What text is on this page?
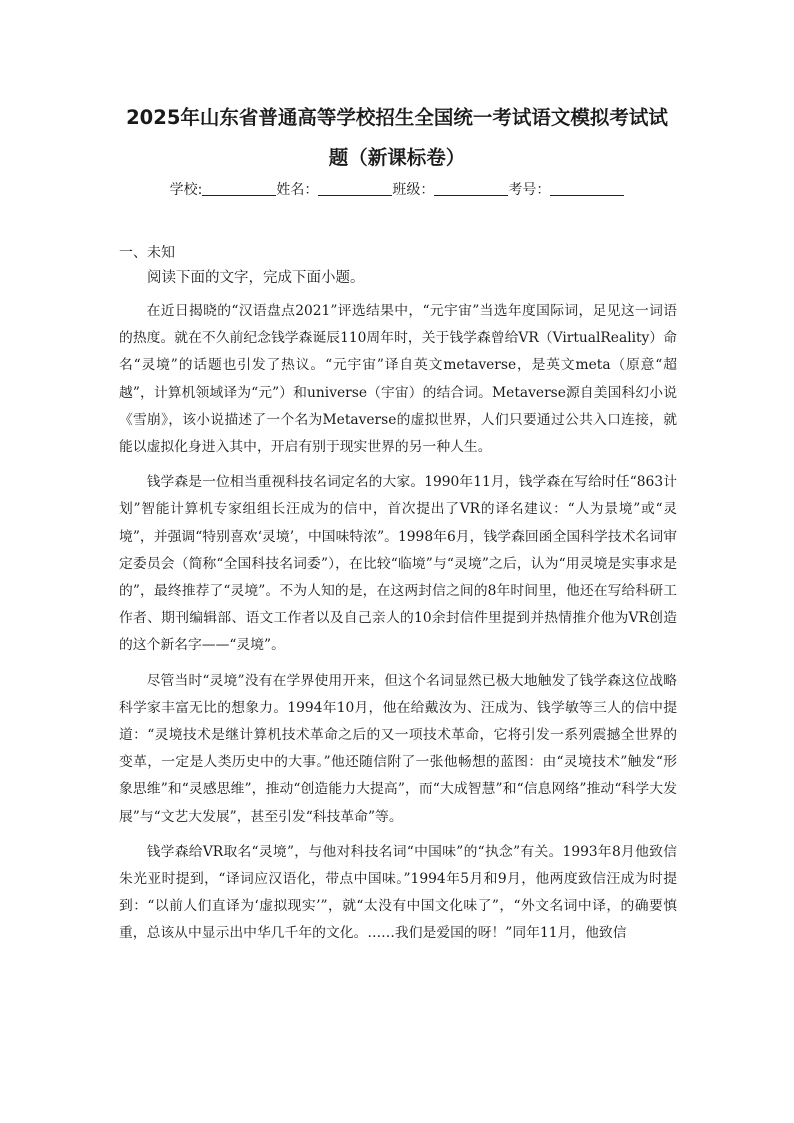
2025年山东省普通高等学校招生全国统一考试语文模拟考试试
题（新课标卷）
学校:	姓名：	班级：	考号：
一、未知
阅读下面的文字，完成下面小题。

在近日揭晓的“汉语盘点2021”评选结果中，“元宇宙”当选年度国际词，足见这一词语的热度。就在不久前纪念钱学森诞辰110周年时，关于钱学森曾给VR（VirtualReality）命名“灵境”的话题也引发了热议。“元宇宙”译自英文metaverse，是英文meta（原意“超越”，计算机领域译为“元”）和universe（宇宙）的结合词。Metaverse源自美国科幻小说《雪崩》，该小说描述了一个名为Metaverse的虚拟世界，人们只要通过公共入口连接，就能以虚拟化身进入其中，开启有别于现实世界的另一种人生。

钱学森是一位相当重视科技名词定名的大家。1990年11月，钱学森在写给时任“863计划”智能计算机专家组组长汪成为的信中，首次提出了VR的译名建议：“人为景境”或“灵境”，并强调“特别喜欢‘灵境’，中国味特浓”。1998年6月，钱学森回函全国科学技术名词审定委员会（简称“全国科技名词委”），在比较“临境”与“灵境”之后，认为“用灵境是实事求是的”，最终推荐了“灵境”。不为人知的是，在这两封信之间的8年时间里，他还在写给科研工作者、期刊编辑部、语文工作者以及自己亲人的10余封信件里提到并热情推介他为VR创造的这个新名字——“灵境”。

尽管当时“灵境”没有在学界使用开来，但这个名词显然已极大地触发了钱学森这位战略科学家丰富无比的想象力。1994年10月，他在给戴汝为、汪成为、钱学敏等三人的信中提道：“灵境技术是继计算机技术革命之后的又一项技术革命，它将引发一系列震撼全世界的变革，一定是人类历史中的大事。”他还随信附了一张他畅想的蓝图：由“灵境技术”触发“形象思维”和“灵感思维”，推动“创造能力大提高”，而“大成智慧”和“信息网络”推动“科学大发展”与“文艺大发展”，甚至引发“科技革命”等。

钱学森给VR取名“灵境”，与他对科技名词“中国味”的“执念”有关。1993年8月他致信朱光亚时提到，“译词应汉语化，带点中国味。”1994年5月和9月，他两度致信汪成为时提到：“以前人们直译为‘虚拟现实’”，就“太没有中国文化味了”，“外文名词中译，的确要慎重，总该从中显示出中华几千年的文化。……我们是爱国的呀！”同年11月，他致信
